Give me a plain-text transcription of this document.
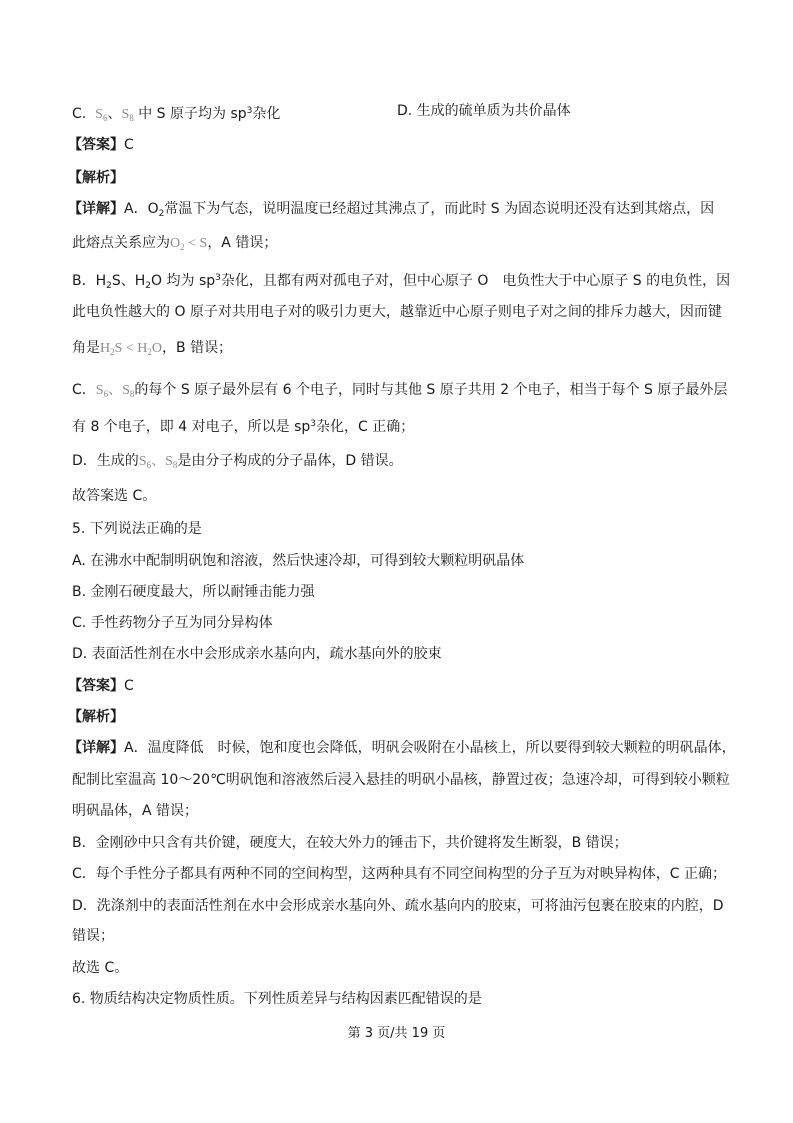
C. $S_6$、$S_8$ 中 S 原子均为 $sp^3$杂化	D. 生成的硫单质为共价晶体
【答案】C
【解析】
【详解】A．$O_2$常温下为气态，说明温度已经超过其沸点了，而此时 S 为固态说明还没有达到其熔点，因
此熔点关系应为$O_2 < S$，A 错误；
B．$H_2S$、$H_2O$ 均为 $sp^3$杂化，且都有两对孤电子对，但中心原子 O　电负性大于中心原子 S 的电负性，因
此电负性越大的 O 原子对共用电子对的吸引力更大，越靠近中心原子则电子对之间的排斥力越大，因而键
角是$H_2S < H_2O$，B 错误；
C．$S_6$、$S_8$的每个 S 原子最外层有 6 个电子，同时与其他 S 原子共用 2 个电子，相当于每个 S 原子最外层
有 8 个电子，即 4 对电子，所以是 $sp^3$杂化，C 正确；
D．生成的$S_6$、$S_8$是由分子构成的分子晶体，D 错误。
故答案选 C。
5. 下列说法正确的是
A. 在沸水中配制明矾饱和溶液，然后快速冷却，可得到较大颗粒明矾晶体
B. 金刚石硬度最大，所以耐锤击能力强
C. 手性药物分子互为同分异构体
D. 表面活性剂在水中会形成亲水基向内，疏水基向外的胶束
【答案】C
【解析】
【详解】A．温度降低　时候，饱和度也会降低，明矾会吸附在小晶核上，所以要得到较大颗粒的明矾晶体，
配制比室温高 10～20℃明矾饱和溶液然后浸入悬挂的明矾小晶核，静置过夜；急速冷却，可得到较小颗粒
明矾晶体，A 错误；
B．金刚砂中只含有共价键，硬度大，在较大外力的锤击下，共价键将发生断裂，B 错误；
C．每个手性分子都具有两种不同的空间构型，这两种具有不同空间构型的分子互为对映异构体，C 正确；
D．洗涤剂中的表面活性剂在水中会形成亲水基向外、疏水基向内的胶束，可将油污包裹在胶束的内腔，D
错误；
故选 C。
6. 物质结构决定物质性质。下列性质差异与结构因素匹配错误的是
第 3 页/共 19 页
